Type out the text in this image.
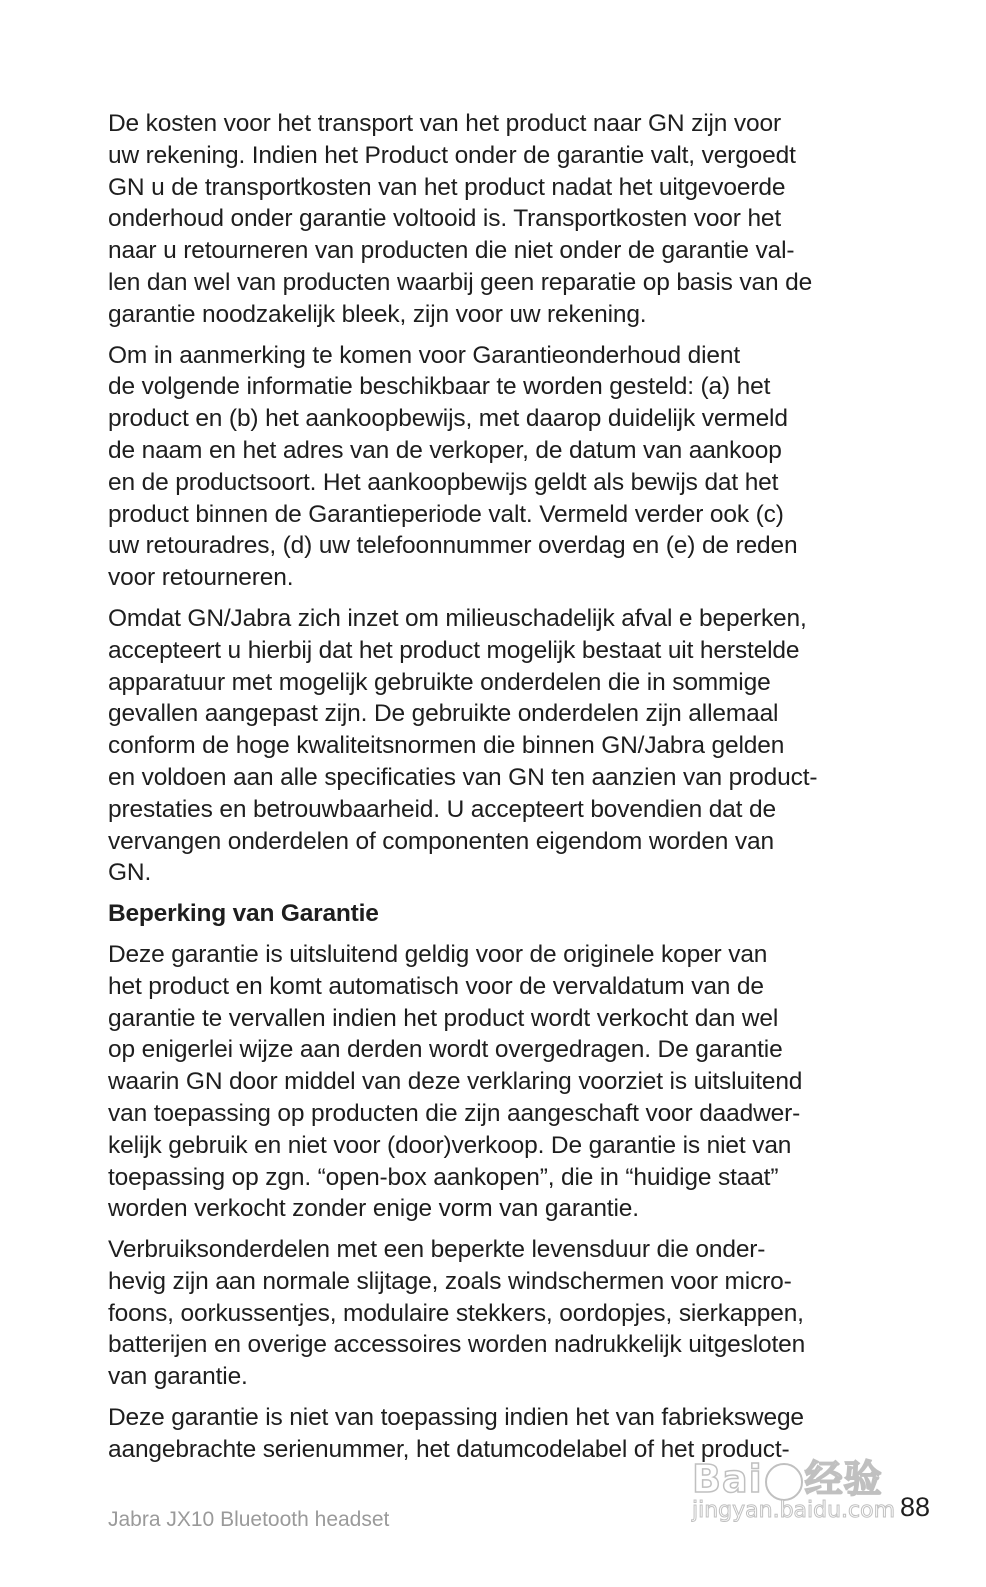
De kosten voor het transport van het product naar GN zijn voor
uw rekening. Indien het Product onder de garantie valt, vergoedt
GN u de transportkosten van het product nadat het uitgevoerde
onderhoud onder garantie voltooid is. Transportkosten voor het
naar u retourneren van producten die niet onder de garantie val-
len dan wel van producten waarbij geen reparatie op basis van de
garantie noodzakelijk bleek, zijn voor uw rekening.
Om in aanmerking te komen voor Garantieonderhoud dient
de volgende informatie beschikbaar te worden gesteld: (a) het
product en (b) het aankoopbewijs, met daarop duidelijk vermeld
de naam en het adres van de verkoper, de datum van aankoop
en de productsoort. Het aankoopbewijs geldt als bewijs dat het
product binnen de Garantieperiode valt. Vermeld verder ook (c)
uw retouradres, (d) uw telefoonnummer overdag en (e) de reden
voor retourneren.
Omdat GN/Jabra zich inzet om milieuschadelijk afval e beperken,
accepteert u hierbij dat het product mogelijk bestaat uit herstelde
apparatuur met mogelijk gebruikte onderdelen die in sommige
gevallen aangepast zijn. De gebruikte onderdelen zijn allemaal
conform de hoge kwaliteitsnormen die binnen GN/Jabra gelden
en voldoen aan alle specificaties van GN ten aanzien van product-
prestaties en betrouwbaarheid. U accepteert bovendien dat de
vervangen onderdelen of componenten eigendom worden van
GN.
Beperking van Garantie
Deze garantie is uitsluitend geldig voor de originele koper van
het product en komt automatisch voor de vervaldatum van de
garantie te vervallen indien het product wordt verkocht dan wel
op enigerlei wijze aan derden wordt overgedragen. De garantie
waarin GN door middel van deze verklaring voorziet is uitsluitend
van toepassing op producten die zijn aangeschaft voor daadwer-
kelijk gebruik en niet voor (door)verkoop. De garantie is niet van
toepassing op zgn. “open-box aankopen”, die in “huidige staat”
worden verkocht zonder enige vorm van garantie.
Verbruiksonderdelen met een beperkte levensduur die onder-
hevig zijn aan normale slijtage, zoals windschermen voor micro-
foons, oorkussentjes, modulaire stekkers, oordopjes, sierkappen,
batterijen en overige accessoires worden nadrukkelijk uitgesloten
van garantie.
Deze garantie is niet van toepassing indien het van fabriekswege
aangebrachte serienummer, het datumcodelabel of het product-
Jabra JX10 Bluetooth headset	88
Bai 经验
jingyan.baidu.com
